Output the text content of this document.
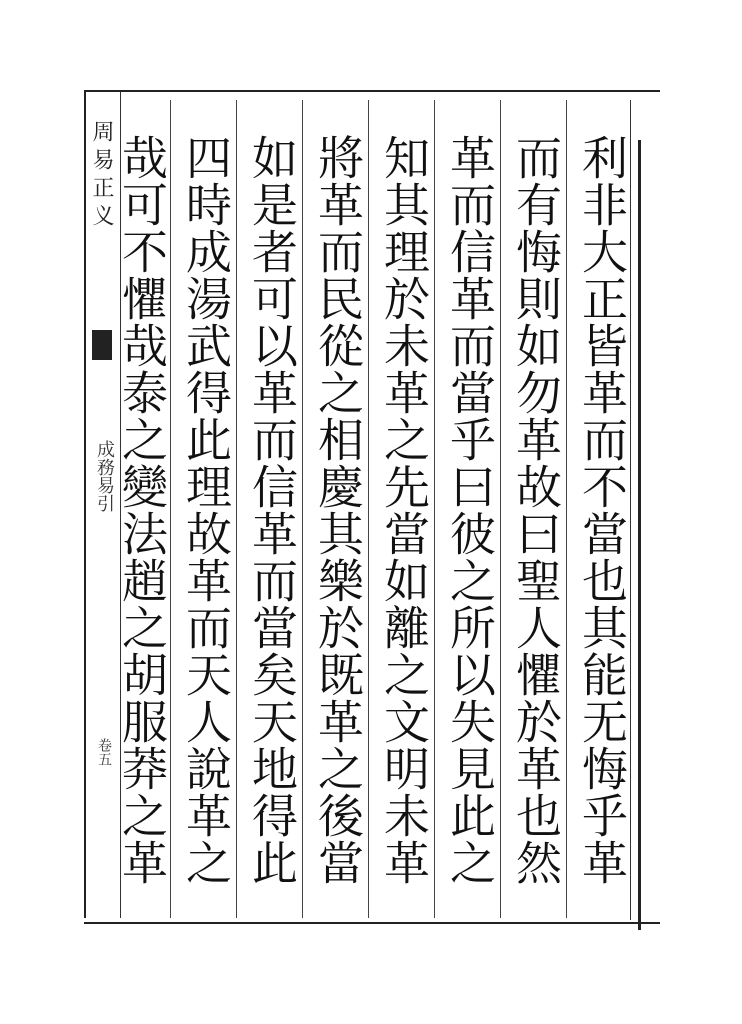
周易正义
成務易引
卷五
利非大正皆革而不當也其能无悔乎革
而有悔則如勿革故曰聖人懼於革也然
革而信革而當乎曰彼之所以失見此之
知其理於未革之先當如離之文明未革
將革而民從之相慶其樂於既革之後當
如是者可以革而信革而當矣天地得此
四時成湯武得此理故革而天人說革之
哉可不懼哉泰之變法趙之胡服莽之革
